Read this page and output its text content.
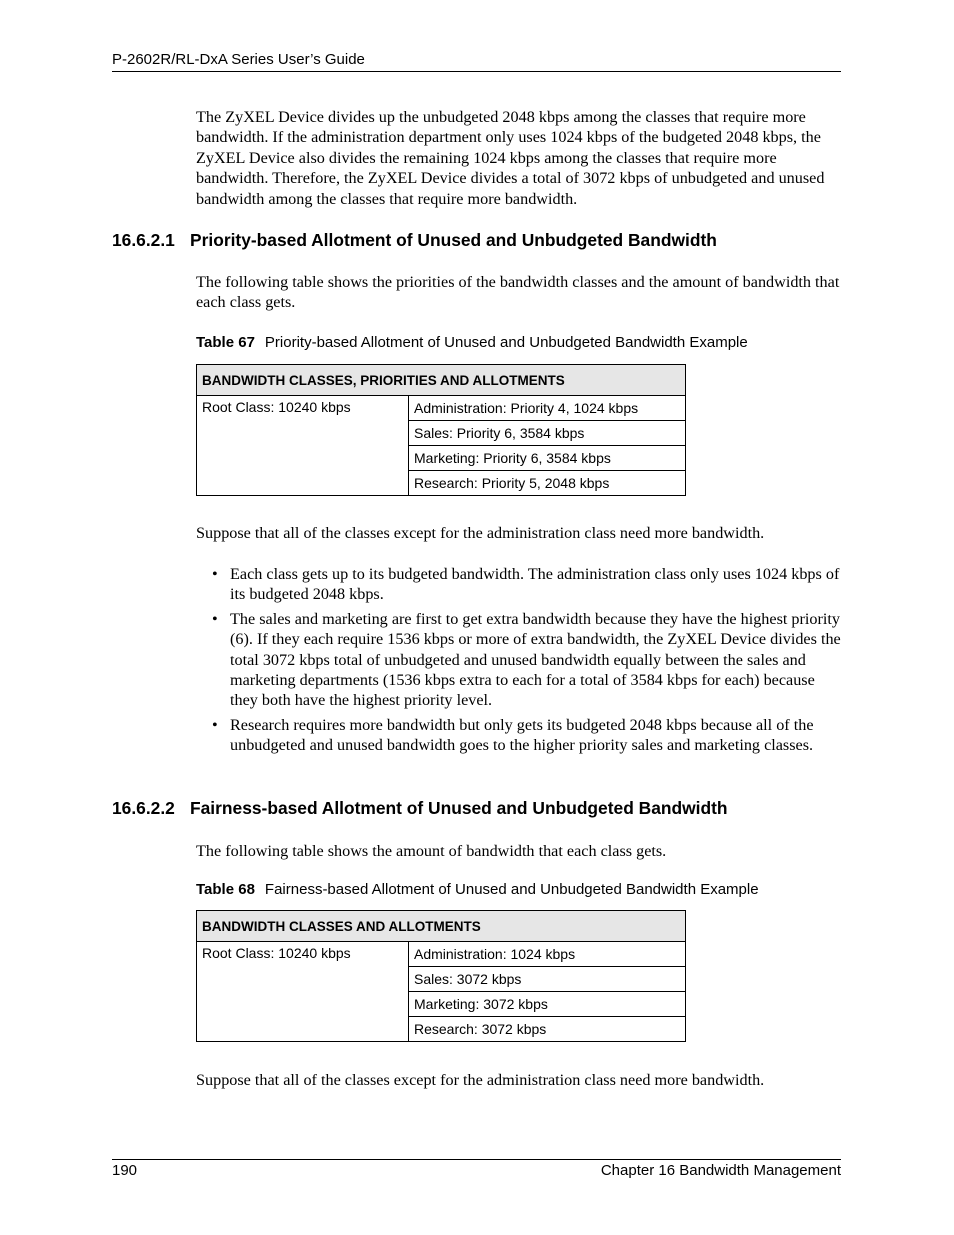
P-2602R/RL-DxA Series User’s Guide
The ZyXEL Device divides up the unbudgeted 2048 kbps among the classes that require more bandwidth. If the administration department only uses 1024 kbps of the budgeted 2048 kbps, the ZyXEL Device also divides the remaining 1024 kbps among the classes that require more bandwidth. Therefore, the ZyXEL Device divides a total of 3072 kbps of unbudgeted and unused bandwidth among the classes that require more bandwidth.
16.6.2.1 Priority-based Allotment of Unused and Unbudgeted Bandwidth
The following table shows the priorities of the bandwidth classes and the amount of bandwidth that each class gets.
Table 67 Priority-based Allotment of Unused and Unbudgeted Bandwidth Example
BANDWIDTH CLASSES, PRIORITIES AND ALLOTMENTS
Root Class: 10240 kbps	Administration: Priority 4, 1024 kbps
Sales: Priority 6, 3584 kbps
Marketing: Priority 6, 3584 kbps
Research: Priority 5, 2048 kbps
Suppose that all of the classes except for the administration class need more bandwidth.
• Each class gets up to its budgeted bandwidth. The administration class only uses 1024 kbps of its budgeted 2048 kbps.
• The sales and marketing are first to get extra bandwidth because they have the highest priority (6). If they each require 1536 kbps or more of extra bandwidth, the ZyXEL Device divides the total 3072 kbps total of unbudgeted and unused bandwidth equally between the sales and marketing departments (1536 kbps extra to each for a total of 3584 kbps for each) because they both have the highest priority level.
• Research requires more bandwidth but only gets its budgeted 2048 kbps because all of the unbudgeted and unused bandwidth goes to the higher priority sales and marketing classes.
16.6.2.2 Fairness-based Allotment of Unused and Unbudgeted Bandwidth
The following table shows the amount of bandwidth that each class gets.
Table 68 Fairness-based Allotment of Unused and Unbudgeted Bandwidth Example
BANDWIDTH CLASSES AND ALLOTMENTS
Root Class: 10240 kbps	Administration: 1024 kbps
Sales: 3072 kbps
Marketing: 3072 kbps
Research: 3072 kbps
Suppose that all of the classes except for the administration class need more bandwidth.
190	Chapter 16 Bandwidth Management
